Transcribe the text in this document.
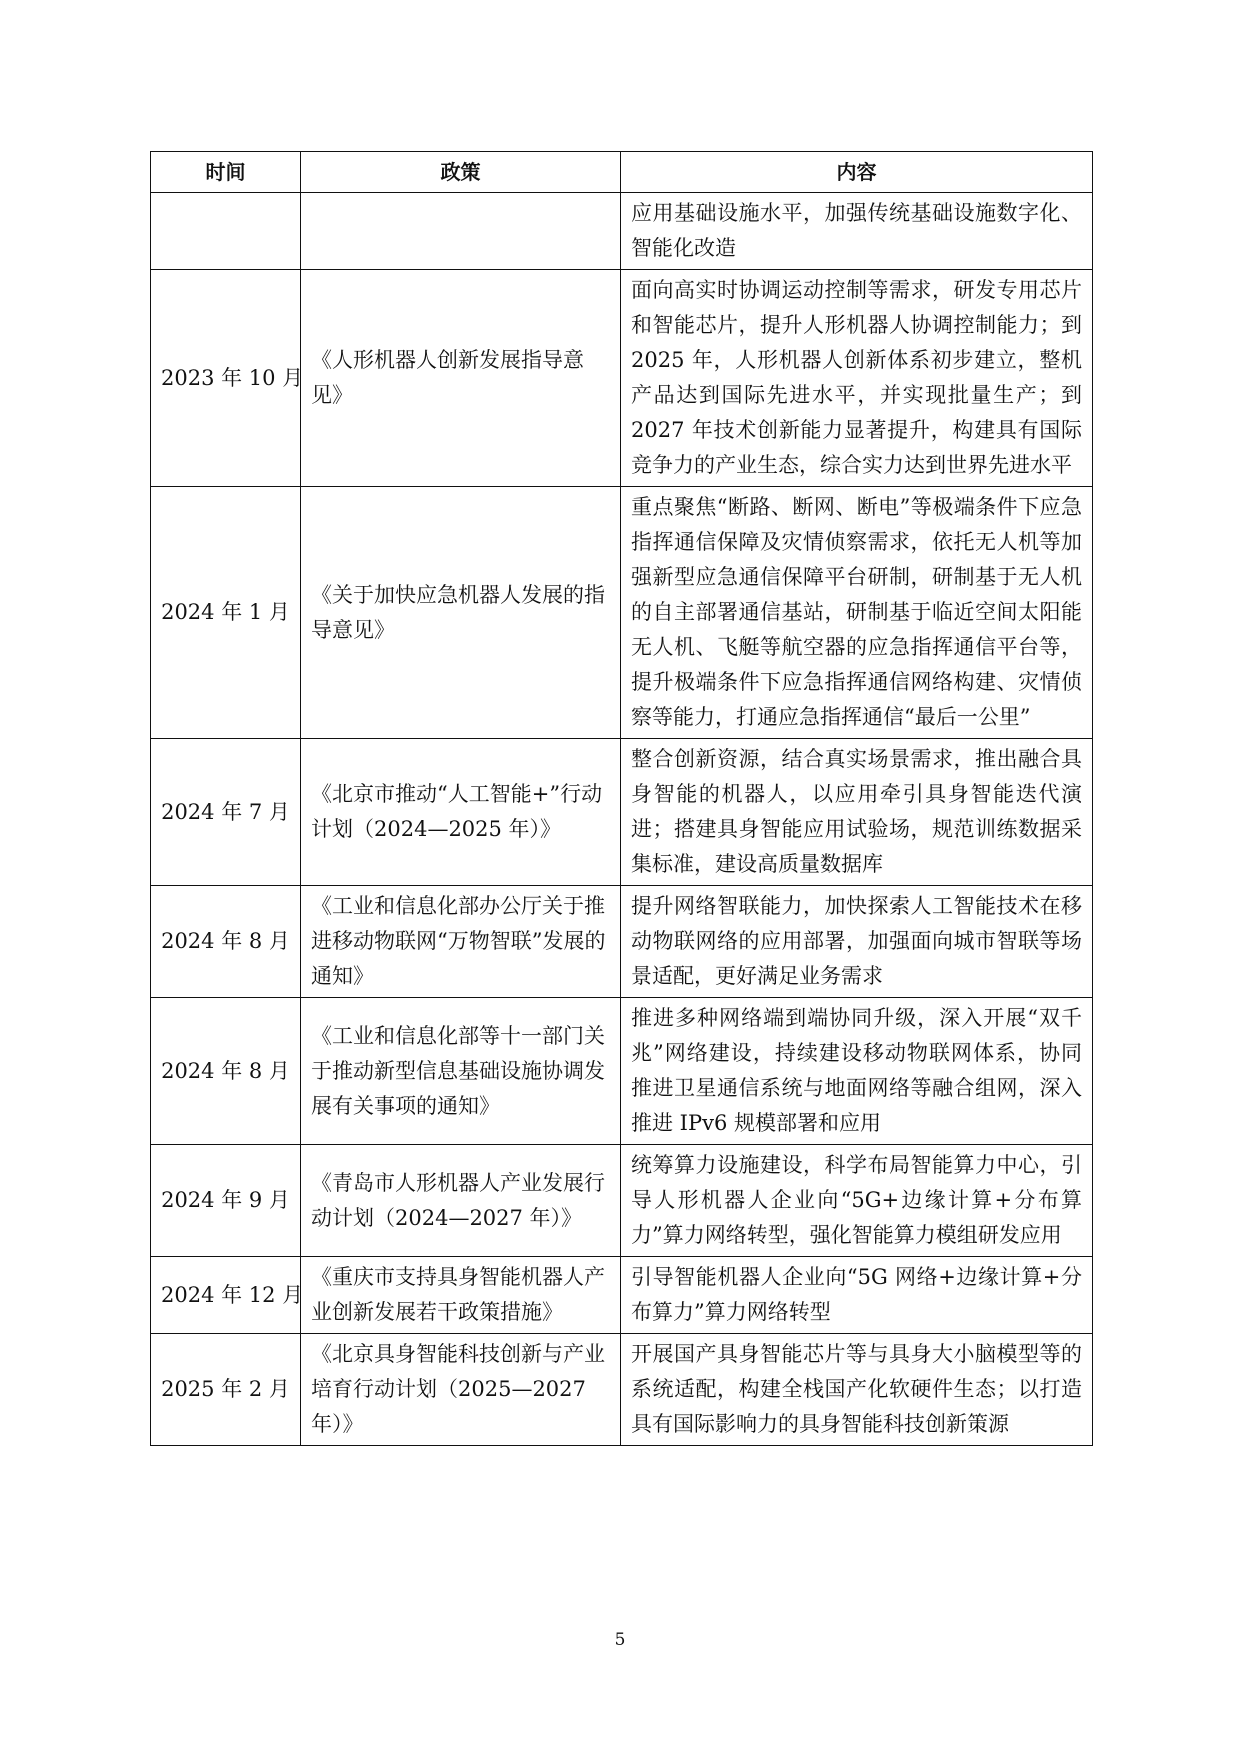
时间	政策	内容
		应用基础设施水平，加强传统基础设施数字化、智能化改造
2023 年 10 月	《人形机器人创新发展指导意见》	面向高实时协调运动控制等需求，研发专用芯片和智能芯片，提升人形机器人协调控制能力；到 2025 年，人形机器人创新体系初步建立，整机产品达到国际先进水平，并实现批量生产；到 2027 年技术创新能力显著提升，构建具有国际竞争力的产业生态，综合实力达到世界先进水平
2024 年 1 月	《关于加快应急机器人发展的指导意见》	重点聚焦“断路、断网、断电”等极端条件下应急指挥通信保障及灾情侦察需求，依托无人机等加强新型应急通信保障平台研制，研制基于无人机的自主部署通信基站，研制基于临近空间太阳能无人机、飞艇等航空器的应急指挥通信平台等，提升极端条件下应急指挥通信网络构建、灾情侦察等能力，打通应急指挥通信“最后一公里”
2024 年 7 月	《北京市推动“人工智能+”行动计划（2024—2025 年）》	整合创新资源，结合真实场景需求，推出融合具身智能的机器人，以应用牵引具身智能迭代演进；搭建具身智能应用试验场，规范训练数据采集标准，建设高质量数据库
2024 年 8 月	《工业和信息化部办公厅关于推进移动物联网“万物智联”发展的通知》	提升网络智联能力，加快探索人工智能技术在移动物联网络的应用部署，加强面向城市智联等场景适配，更好满足业务需求
2024 年 8 月	《工业和信息化部等十一部门关于推动新型信息基础设施协调发展有关事项的通知》	推进多种网络端到端协同升级，深入开展“双千兆”网络建设，持续建设移动物联网体系，协同推进卫星通信系统与地面网络等融合组网，深入推进 IPv6 规模部署和应用
2024 年 9 月	《青岛市人形机器人产业发展行动计划（2024—2027 年）》	统筹算力设施建设，科学布局智能算力中心，引导人形机器人企业向“5G+边缘计算+分布算力”算力网络转型，强化智能算力模组研发应用
2024 年 12 月	《重庆市支持具身智能机器人产业创新发展若干政策措施》	引导智能机器人企业向“5G 网络+边缘计算+分布算力”算力网络转型
2025 年 2 月	《北京具身智能科技创新与产业培育行动计划（2025—2027 年）》	开展国产具身智能芯片等与具身大小脑模型等的系统适配，构建全栈国产化软硬件生态；以打造具有国际影响力的具身智能科技创新策源
5
